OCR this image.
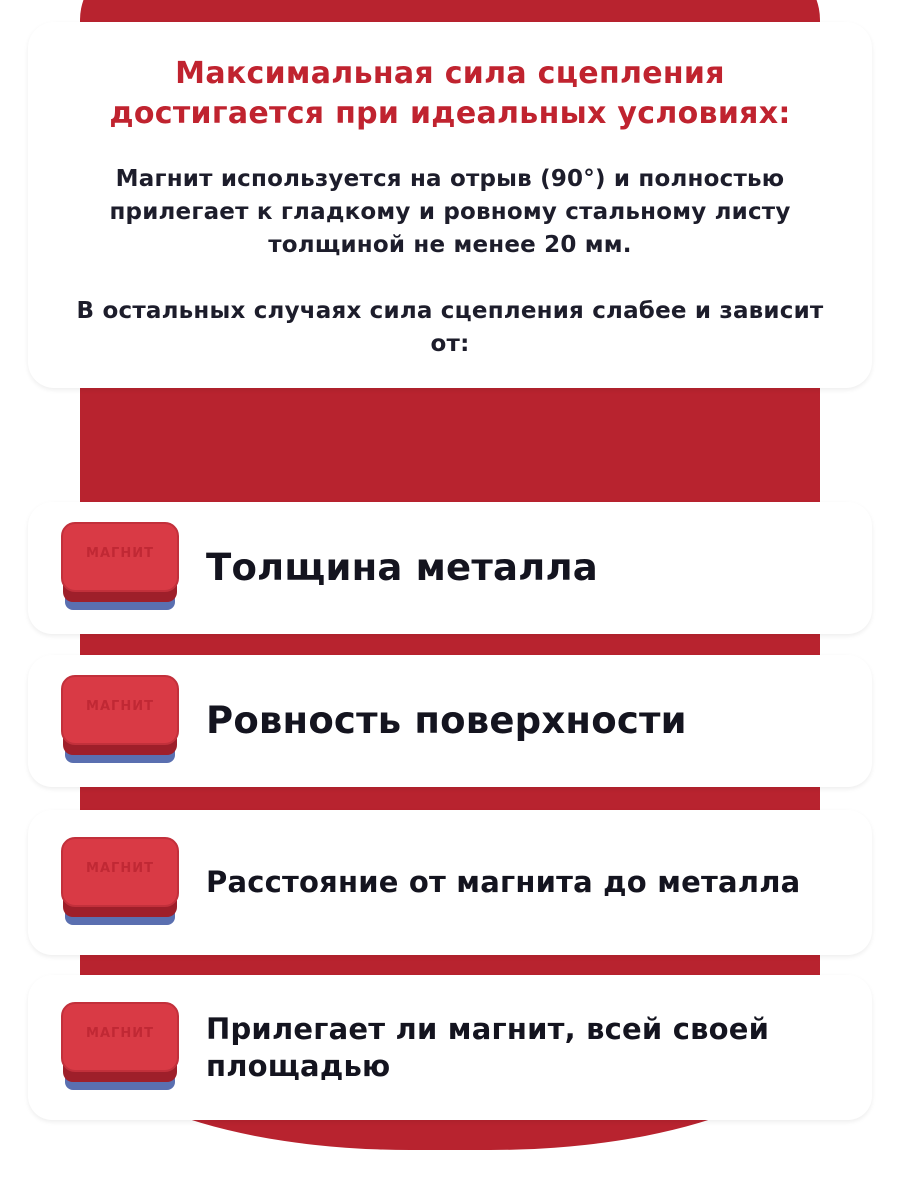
Максимальная сила сцепления достигается при идеальных условиях:
Магнит используется на отрыв (90°) и полностью прилегает к гладкому и ровному стальному листу толщиной не менее 20 мм.
В остальных случаях сила сцепления слабее и зависит от:
МАГНИТ	Толщина металла
МАГНИТ	Ровность поверхности
МАГНИТ	Расстояние от магнита до металла
МАГНИТ	Прилегает ли магнит, всей своей площадью
